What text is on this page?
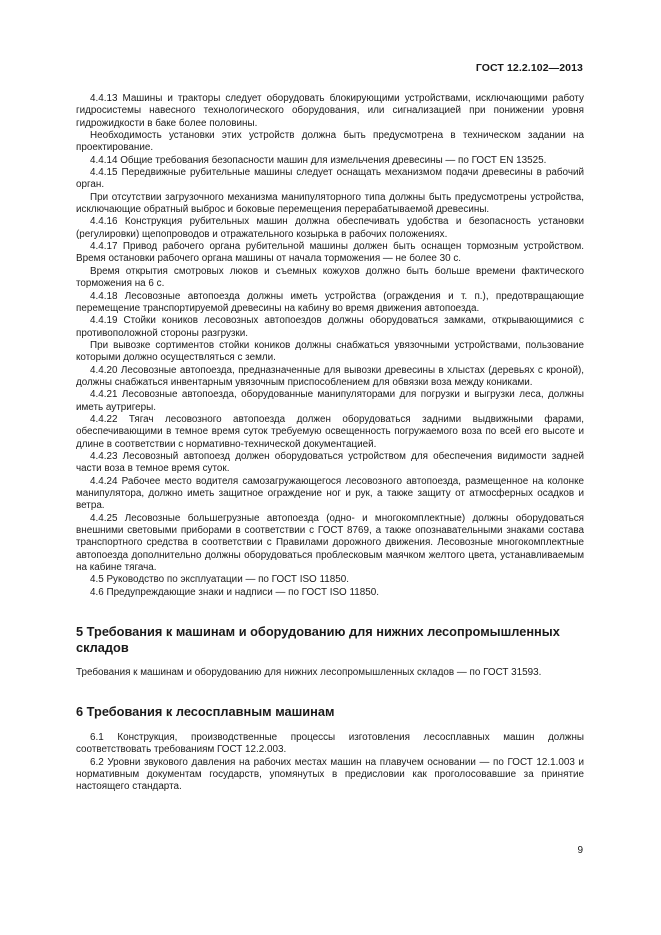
ГОСТ 12.2.102—2013

4.4.13 Машины и тракторы следует оборудовать блокирующими устройствами, исключающими работу гидросистемы навесного технологического оборудования, или сигнализацией при понижении уровня гидрожидкости в баке более половины.

Необходимость установки этих устройств должна быть предусмотрена в техническом задании на проектирование.

4.4.14 Общие требования безопасности машин для измельчения древесины — по ГОСТ EN 13525.

4.4.15 Передвижные рубительные машины следует оснащать механизмом подачи древесины в рабочий орган.

При отсутствии загрузочного механизма манипуляторного типа должны быть предусмотрены устройства, исключающие обратный выброс и боковые перемещения перерабатываемой древесины.

4.4.16 Конструкция рубительных машин должна обеспечивать удобства и безопасность установки (регулировки) щепопроводов и отражательного козырька в рабочих положениях.

4.4.17 Привод рабочего органа рубительной машины должен быть оснащен тормозным устройством. Время остановки рабочего органа машины от начала торможения — не более 30 с.

Время открытия смотровых люков и съемных кожухов должно быть больше времени фактического торможения на 6 с.

4.4.18 Лесовозные автопоезда должны иметь устройства (ограждения и т. п.), предотвращающие перемещение транспортируемой древесины на кабину во время движения автопоезда.

4.4.19 Стойки коников лесовозных автопоездов должны оборудоваться замками, открывающимися с противоположной стороны разгрузки.

При вывозке сортиментов стойки коников должны снабжаться увязочными устройствами, пользование которыми должно осуществляться с земли.

4.4.20 Лесовозные автопоезда, предназначенные для вывозки древесины в хлыстах (деревьях с кроной), должны снабжаться инвентарным увязочным приспособлением для обвязки воза между кониками.

4.4.21 Лесовозные автопоезда, оборудованные манипуляторами для погрузки и выгрузки леса, должны иметь аутригеры.

4.4.22 Тягач лесовозного автопоезда должен оборудоваться задними выдвижными фарами, обеспечивающими в темное время суток требуемую освещенность погружаемого воза по всей его высоте и длине в соответствии с нормативно-технической документацией.

4.4.23 Лесовозный автопоезд должен оборудоваться устройством для обеспечения видимости задней части воза в темное время суток.

4.4.24 Рабочее место водителя самозагружающегося лесовозного автопоезда, размещенное на колонке манипулятора, должно иметь защитное ограждение ног и рук, а также защиту от атмосферных осадков и ветра.

4.4.25 Лесовозные большегрузные автопоезда (одно- и многокомплектные) должны оборудоваться внешними световыми приборами в соответствии с ГОСТ 8769, а также опознавательными знаками состава транспортного средства в соответствии с Правилами дорожного движения. Лесовозные многокомплектные автопоезда дополнительно должны оборудоваться проблесковым маячком желтого цвета, устанавливаемым на кабине тягача.

4.5 Руководство по эксплуатации — по ГОСТ ISO 11850.

4.6 Предупреждающие знаки и надписи — по ГОСТ ISO 11850.

5 Требования к машинам и оборудованию для нижних лесопромышленных складов

Требования к машинам и оборудованию для нижних лесопромышленных складов — по ГОСТ 31593.

6 Требования к лесосплавным машинам

6.1 Конструкция, производственные процессы изготовления лесосплавных машин должны соответствовать требованиям ГОСТ 12.2.003.

6.2 Уровни звукового давления на рабочих местах машин на плавучем основании — по ГОСТ 12.1.003 и нормативным документам государств, упомянутых в предисловии как проголосовавшие за принятие настоящего стандарта.

9
